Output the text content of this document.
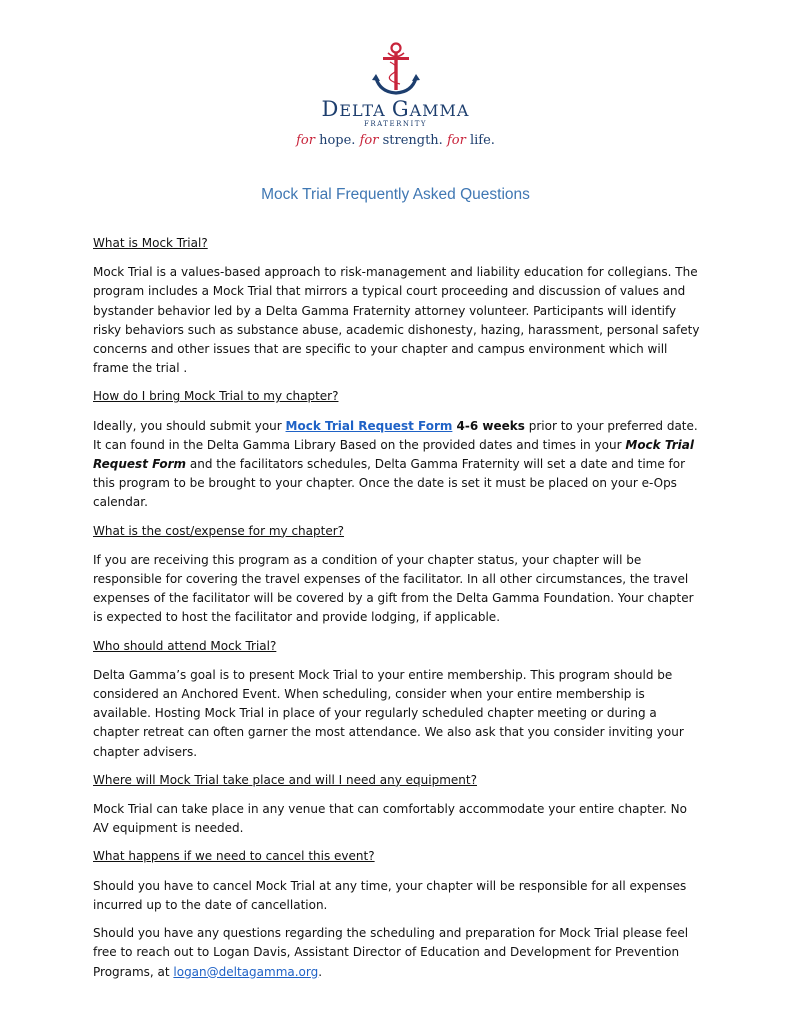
DELTA GAMMA
FRATERNITY
for hope. for strength. for life.
Mock Trial Frequently Asked Questions

What is Mock Trial?

Mock Trial is a values-based approach to risk-management and liability education for collegians. The program includes a Mock Trial that mirrors a typical court proceeding and discussion of values and bystander behavior led by a Delta Gamma Fraternity attorney volunteer. Participants will identify risky behaviors such as substance abuse, academic dishonesty, hazing, harassment, personal safety concerns and other issues that are specific to your chapter and campus environment which will frame the trial .

How do I bring Mock Trial to my chapter?

Ideally, you should submit your Mock Trial Request Form 4-6 weeks prior to your preferred date. It can found in the Delta Gamma Library Based on the provided dates and times in your Mock Trial Request Form and the facilitators schedules, Delta Gamma Fraternity will set a date and time for this program to be brought to your chapter. Once the date is set it must be placed on your e-Ops calendar.

What is the cost/expense for my chapter?

If you are receiving this program as a condition of your chapter status, your chapter will be responsible for covering the travel expenses of the facilitator. In all other circumstances, the travel expenses of the facilitator will be covered by a gift from the Delta Gamma Foundation. Your chapter is expected to host the facilitator and provide lodging, if applicable.

Who should attend Mock Trial?

Delta Gamma’s goal is to present Mock Trial to your entire membership. This program should be considered an Anchored Event. When scheduling, consider when your entire membership is available. Hosting Mock Trial in place of your regularly scheduled chapter meeting or during a chapter retreat can often garner the most attendance. We also ask that you consider inviting your chapter advisers.

Where will Mock Trial take place and will I need any equipment?

Mock Trial can take place in any venue that can comfortably accommodate your entire chapter. No AV equipment is needed.

What happens if we need to cancel this event?

Should you have to cancel Mock Trial at any time, your chapter will be responsible for all expenses incurred up to the date of cancellation.

Should you have any questions regarding the scheduling and preparation for Mock Trial please feel free to reach out to Logan Davis, Assistant Director of Education and Development for Prevention Programs, at logan@deltagamma.org.
